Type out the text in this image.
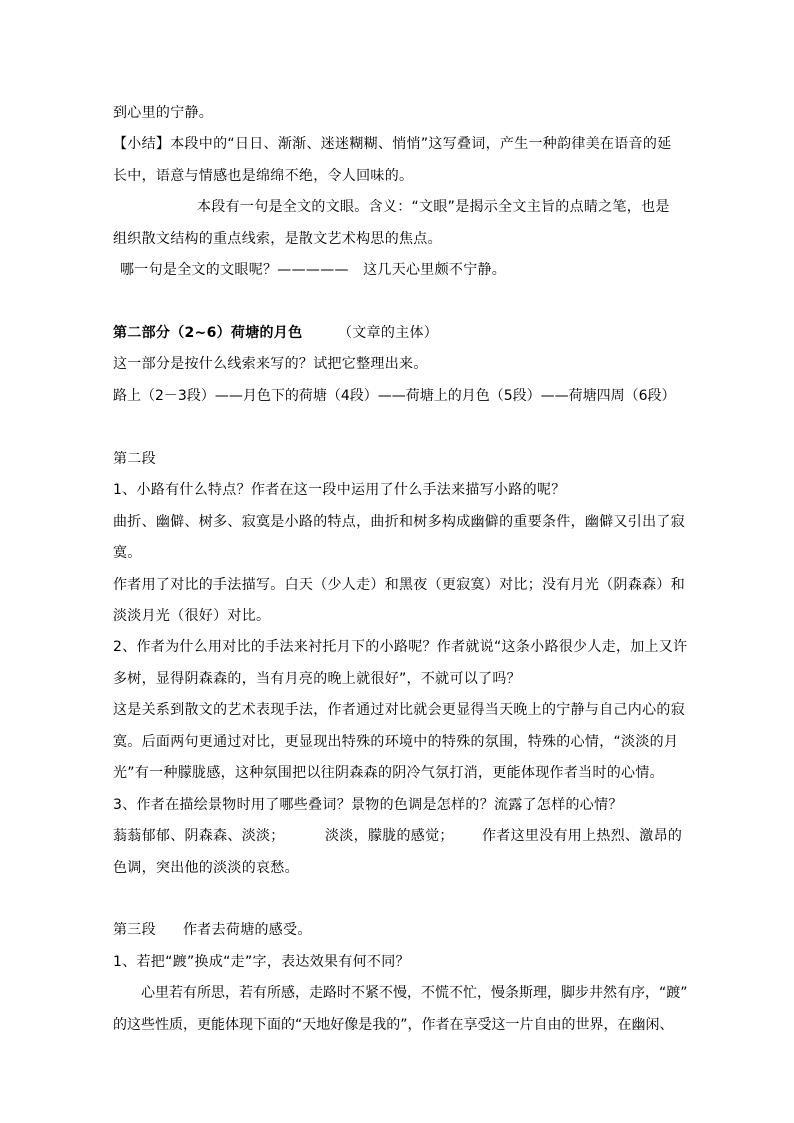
到心里的宁静。
【小结】本段中的“日日、渐渐、迷迷糊糊、悄悄”这写叠词，产生一种韵律美在语音的延
长中，语意与情感也是绵绵不绝，令人回味的。
本段有一句是全文的文眼。含义：“文眼”是揭示全文主旨的点睛之笔，也是
组织散文结构的重点线索，是散文艺术构思的焦点。
哪一句是全文的文眼呢？—————　这几天心里颇不宁静。
第二部分（2~6）荷塘的月色	（文章的主体）
这一部分是按什么线索来写的？试把它整理出来。
路上（2－3段）——月色下的荷塘（4段）——荷塘上的月色（5段）——荷塘四周（6段）
第二段
1、小路有什么特点？作者在这一段中运用了什么手法来描写小路的呢？
曲折、幽僻、树多、寂寞是小路的特点，曲折和树多构成幽僻的重要条件，幽僻又引出了寂
寞。
作者用了对比的手法描写。白天（少人走）和黑夜（更寂寞）对比；没有月光（阴森森）和
淡淡月光（很好）对比。
2、作者为什么用对比的手法来衬托月下的小路呢？作者就说“这条小路很少人走，加上又许
多树，显得阴森森的，当有月亮的晚上就很好”，不就可以了吗？
这是关系到散文的艺术表现手法，作者通过对比就会更显得当天晚上的宁静与自己内心的寂
寞。后面两句更通过对比，更显现出特殊的环境中的特殊的氛围，特殊的心情，“淡淡的月
光”有一种朦胧感，这种氛围把以往阴森森的阴冷气氛打消，更能体现作者当时的心情。
3、作者在描绘景物时用了哪些叠词？景物的色调是怎样的？流露了怎样的心情？
蓊蓊郁郁、阴森森、淡淡；	淡淡，朦胧的感觉；	作者这里没有用上热烈、激昂的
色调，突出他的淡淡的哀愁。
第三段	作者去荷塘的感受。
1、若把“踱”换成“走”字，表达效果有何不同？
心里若有所思，若有所感，走路时不紧不慢，不慌不忙，慢条斯理，脚步井然有序，“踱”
的这些性质，更能体现下面的“天地好像是我的”，作者在享受这一片自由的世界，在幽闲、
